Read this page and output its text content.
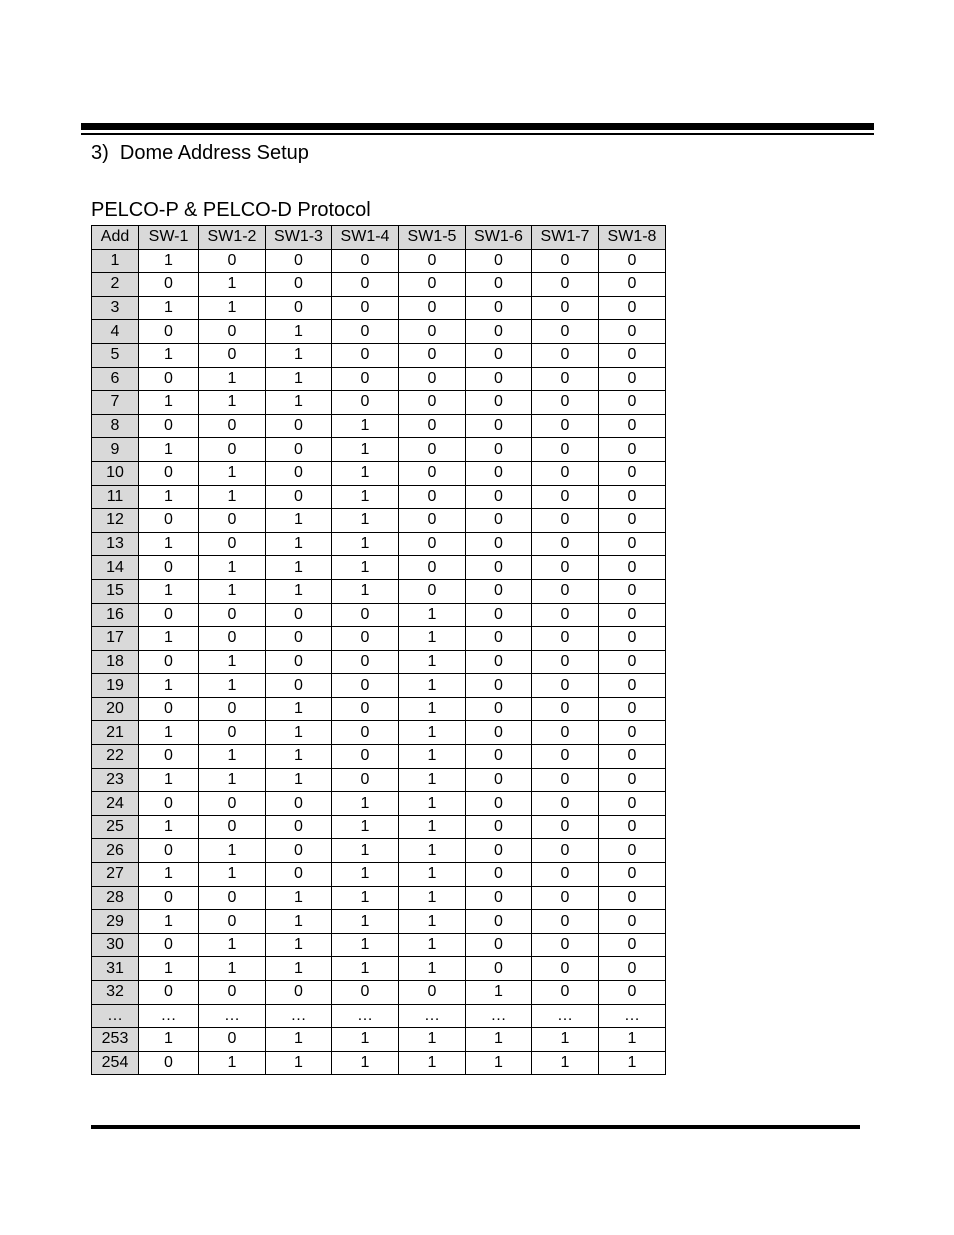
3)  Dome Address Setup
PELCO-P & PELCO-D Protocol
Add	SW-1	SW1-2	SW1-3	SW1-4	SW1-5	SW1-6	SW1-7	SW1-8
1	1	0	0	0	0	0	0	0
2	0	1	0	0	0	0	0	0
3	1	1	0	0	0	0	0	0
4	0	0	1	0	0	0	0	0
5	1	0	1	0	0	0	0	0
6	0	1	1	0	0	0	0	0
7	1	1	1	0	0	0	0	0
8	0	0	0	1	0	0	0	0
9	1	0	0	1	0	0	0	0
10	0	1	0	1	0	0	0	0
11	1	1	0	1	0	0	0	0
12	0	0	1	1	0	0	0	0
13	1	0	1	1	0	0	0	0
14	0	1	1	1	0	0	0	0
15	1	1	1	1	0	0	0	0
16	0	0	0	0	1	0	0	0
17	1	0	0	0	1	0	0	0
18	0	1	0	0	1	0	0	0
19	1	1	0	0	1	0	0	0
20	0	0	1	0	1	0	0	0
21	1	0	1	0	1	0	0	0
22	0	1	1	0	1	0	0	0
23	1	1	1	0	1	0	0	0
24	0	0	0	1	1	0	0	0
25	1	0	0	1	1	0	0	0
26	0	1	0	1	1	0	0	0
27	1	1	0	1	1	0	0	0
28	0	0	1	1	1	0	0	0
29	1	0	1	1	1	0	0	0
30	0	1	1	1	1	0	0	0
31	1	1	1	1	1	0	0	0
32	0	0	0	0	0	1	0	0
…	…	…	…	…	…	…	…	…
253	1	0	1	1	1	1	1	1
254	0	1	1	1	1	1	1	1
